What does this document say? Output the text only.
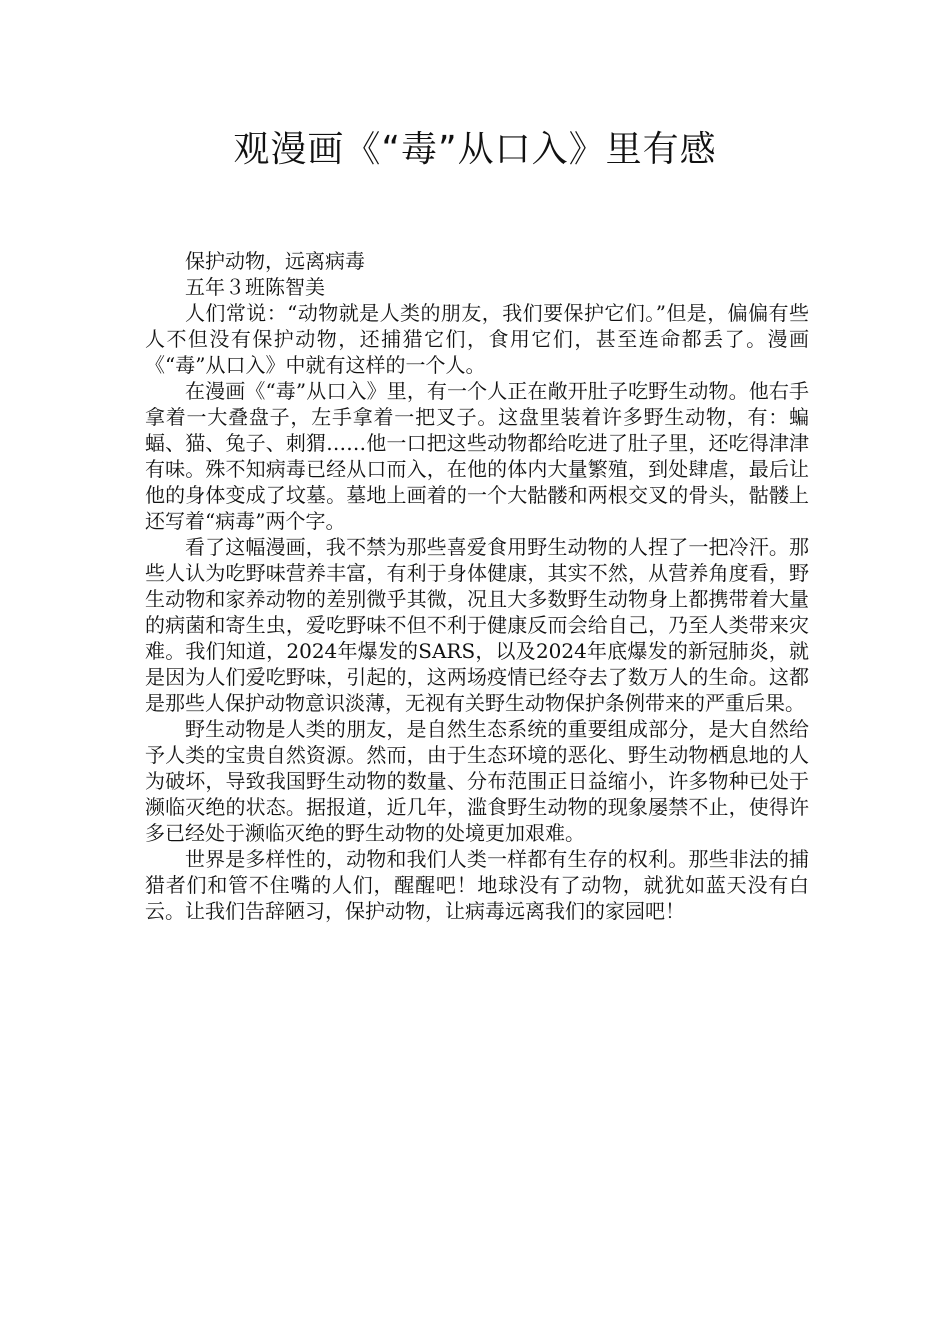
观漫画《“毒”从口入》里有感

保护动物，远离病毒

五年３班陈智美

人们常说：“动物就是人类的朋友，我们要保护它们。”但是，偏偏有些人不但没有保护动物，还捕猎它们，食用它们，甚至连命都丢了。漫画《“毒”从口入》中就有这样的一个人。

在漫画《“毒”从口入》里，有一个人正在敞开肚子吃野生动物。他右手拿着一大叠盘子，左手拿着一把叉子。这盘里装着许多野生动物，有：蝙蝠、猫、兔子、刺猬……他一口把这些动物都给吃进了肚子里，还吃得津津有味。殊不知病毒已经从口而入，在他的体内大量繁殖，到处肆虐，最后让他的身体变成了坟墓。墓地上画着的一个大骷髅和两根交叉的骨头，骷髅上还写着“病毒”两个字。

看了这幅漫画，我不禁为那些喜爱食用野生动物的人捏了一把冷汗。那些人认为吃野味营养丰富，有利于身体健康，其实不然，从营养角度看，野生动物和家养动物的差别微乎其微，况且大多数野生动物身上都携带着大量的病菌和寄生虫，爱吃野味不但不利于健康反而会给自己，乃至人类带来灾难。我们知道，2024年爆发的SARS，以及2024年底爆发的新冠肺炎，就是因为人们爱吃野味，引起的，这两场疫情已经夺去了数万人的生命。这都是那些人保护动物意识淡薄，无视有关野生动物保护条例带来的严重后果。

野生动物是人类的朋友，是自然生态系统的重要组成部分，是大自然给予人类的宝贵自然资源。然而，由于生态环境的恶化、野生动物栖息地的人为破坏，导致我国野生动物的数量、分布范围正日益缩小，许多物种已处于濒临灭绝的状态。据报道，近几年，滥食野生动物的现象屡禁不止，使得许多已经处于濒临灭绝的野生动物的处境更加艰难。

世界是多样性的，动物和我们人类一样都有生存的权利。那些非法的捕猎者们和管不住嘴的人们，醒醒吧！地球没有了动物，就犹如蓝天没有白云。让我们告辞陋习，保护动物，让病毒远离我们的家园吧！
